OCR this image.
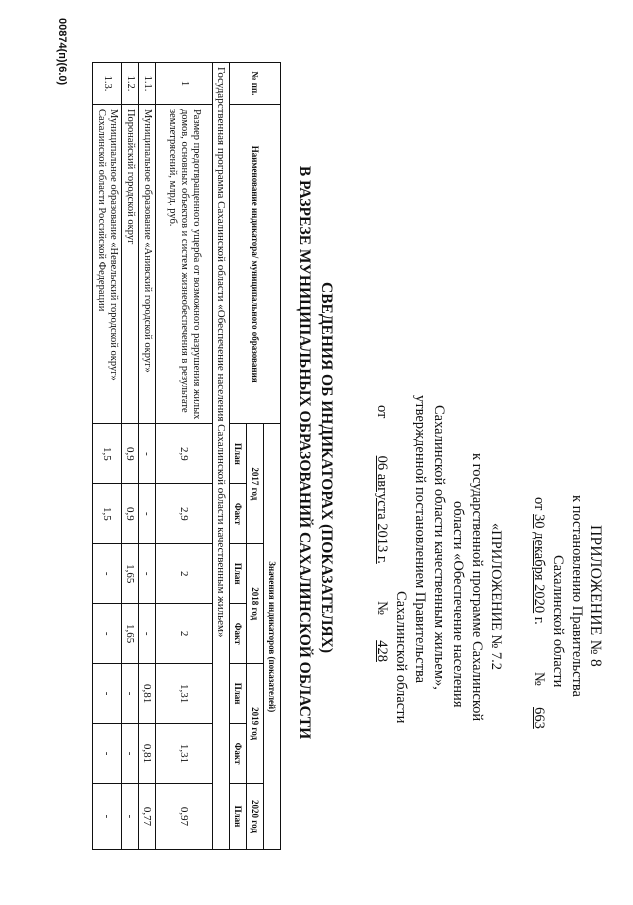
ПРИЛОЖЕНИЕ № 8
к постановлению Правительства
Сахалинской области
от 30 декабря 2020 г.  №  663
«ПРИЛОЖЕНИЕ № 7.2
к государственной программе Сахалинской
области «Обеспечение населения
Сахалинской области качественным жильем»,
утвержденной постановлением Правительства
Сахалинской области
от  06 августа 2013 г.  №  428
СВЕДЕНИЯ ОБ ИНДИКАТОРАХ (ПОКАЗАТЕЛЯХ)
В РАЗРЕЗЕ МУНИЦИПАЛЬНЫХ ОБРАЗОВАНИЙ САХАЛИНСКОЙ ОБЛАСТИ
№ пп.	Наименование индикатора/ муниципального образования	Значения индикаторов (показателей)						
		2017 год		2018 год		2019 год		2020 год
		План	Факт	План	Факт	План	Факт	План
Государственная программа Сахалинской области «Обеспечение населения Сахалинской области качественным жильем»								
1	Размер предотвращенного ущерба от возможного разрушения жилых домов, основных объектов и систем жизнеобеспечения в результате землетрясений, млрд. руб.	2,9	2,9	2	2	1,31	1,31	0,97
1.1.	Муниципальное образование «Анивский городской округ»	-	-	-	-	0,81	0,81	0,77
1.2.	Поронайский городской округ	0,9	0,9	1,65	1,65	-	-	-
1.3.	Муниципальное образование «Невельский городской округ» Сахалинской области Российской Федерации	1,5	1,5	-	-	-	-	-
00874(п)(6.0)
